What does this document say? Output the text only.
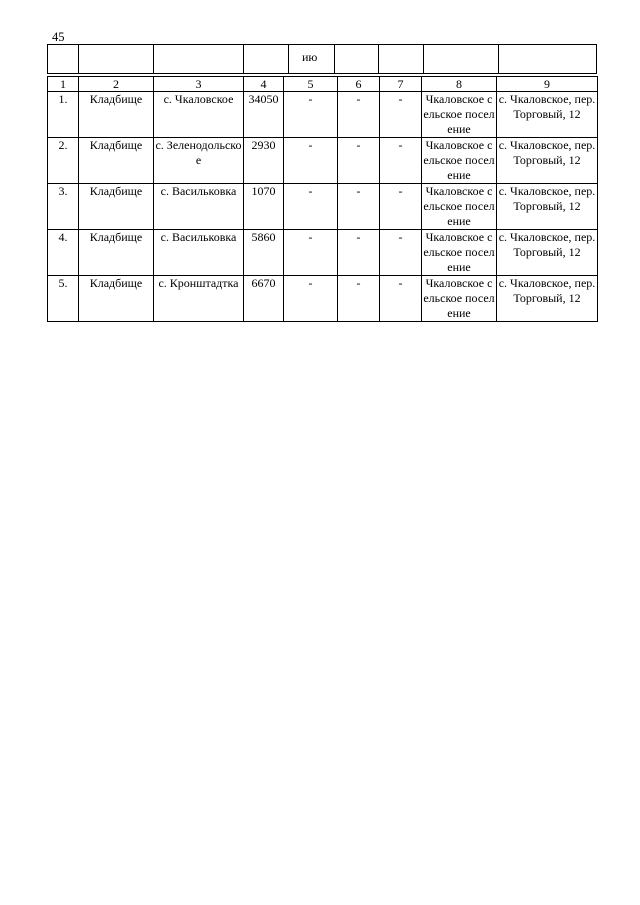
45
ию
1	2	3	4	5	6	7	8	9
1.	Кладбище	с. Чкаловское	34050	-	-	-	Чкаловское сельское поселение	с. Чкаловское, пер. Торговый, 12
2.	Кладбище	с. Зеленодольское	2930	-	-	-	Чкаловское сельское поселение	с. Чкаловское, пер. Торговый, 12
3.	Кладбище	с. Васильковка	1070	-	-	-	Чкаловское сельское поселение	с. Чкаловское, пер. Торговый, 12
4.	Кладбище	с. Васильковка	5860	-	-	-	Чкаловское сельское поселение	с. Чкаловское, пер. Торговый, 12
5.	Кладбище	с. Кронштадтка	6670	-	-	-	Чкаловское сельское поселение	с. Чкаловское, пер. Торговый, 12
